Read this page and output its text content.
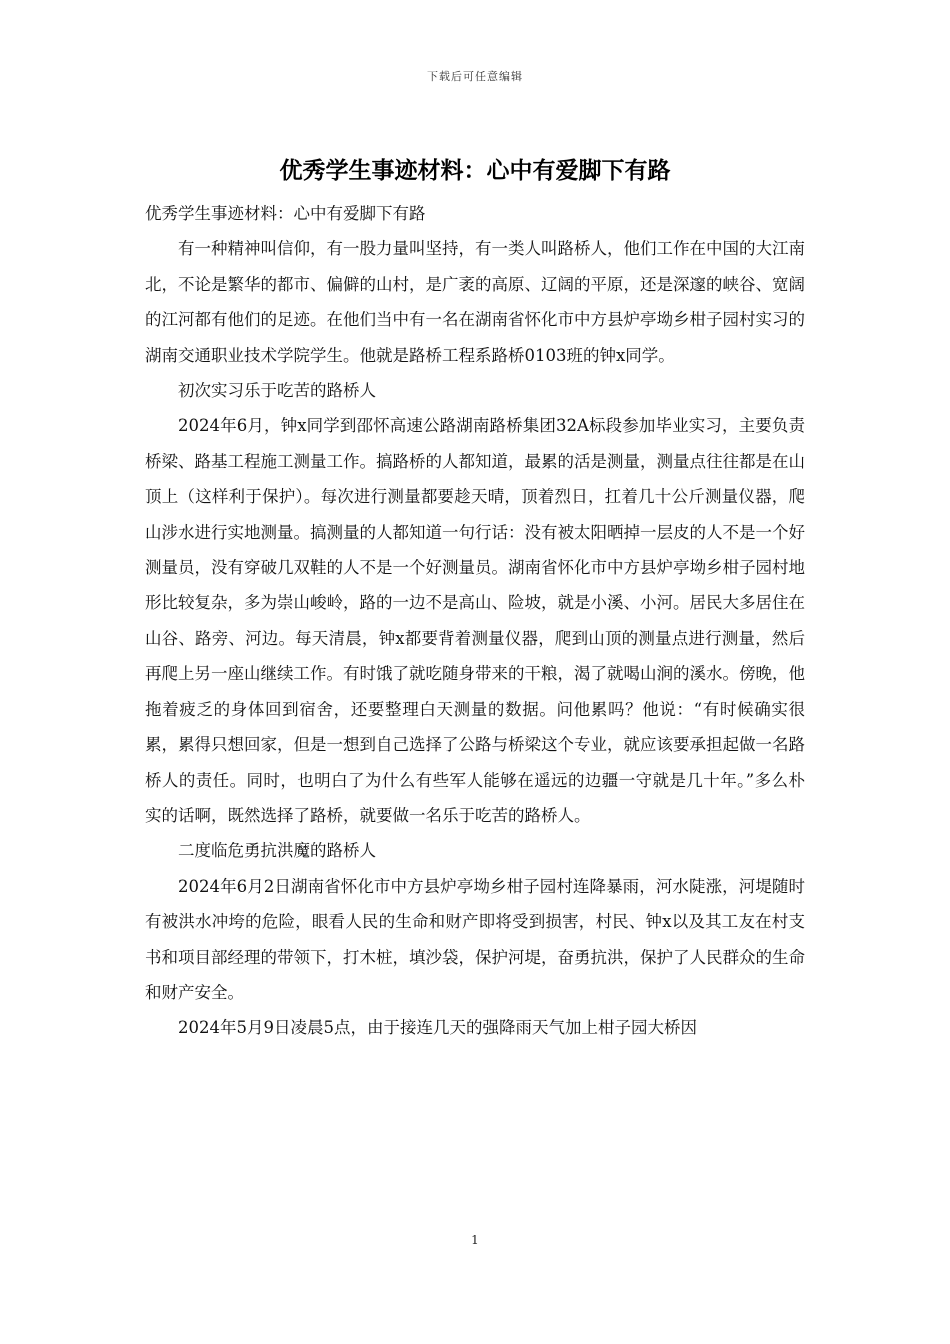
下载后可任意编辑
优秀学生事迹材料：心中有爱脚下有路

优秀学生事迹材料：心中有爱脚下有路

有一种精神叫信仰，有一股力量叫坚持，有一类人叫路桥人，他们工作在中国的大江南北，不论是繁华的都市、偏僻的山村，是广袤的高原、辽阔的平原，还是深邃的峡谷、宽阔的江河都有他们的足迹。在他们当中有一名在湖南省怀化市中方县炉亭坳乡柑子园村实习的湖南交通职业技术学院学生。他就是路桥工程系路桥0103班的钟x同学。

初次实习乐于吃苦的路桥人

2024年6月，钟x同学到邵怀高速公路湖南路桥集团32A标段参加毕业实习，主要负责桥梁、路基工程施工测量工作。搞路桥的人都知道，最累的活是测量，测量点往往都是在山顶上（这样利于保护）。每次进行测量都要趁天晴，顶着烈日，扛着几十公斤测量仪器，爬山涉水进行实地测量。搞测量的人都知道一句行话：没有被太阳晒掉一层皮的人不是一个好测量员，没有穿破几双鞋的人不是一个好测量员。湖南省怀化市中方县炉亭坳乡柑子园村地形比较复杂，多为崇山峻岭，路的一边不是高山、险坡，就是小溪、小河。居民大多居住在山谷、路旁、河边。每天清晨，钟x都要背着测量仪器，爬到山顶的测量点进行测量，然后再爬上另一座山继续工作。有时饿了就吃随身带来的干粮，渴了就喝山涧的溪水。傍晚，他拖着疲乏的身体回到宿舍，还要整理白天测量的数据。问他累吗？他说：“有时候确实很累，累得只想回家，但是一想到自己选择了公路与桥梁这个专业，就应该要承担起做一名路桥人的责任。同时，也明白了为什么有些军人能够在遥远的边疆一守就是几十年。”多么朴实的话啊，既然选择了路桥，就要做一名乐于吃苦的路桥人。

二度临危勇抗洪魔的路桥人

2024年6月2日湖南省怀化市中方县炉亭坳乡柑子园村连降暴雨，河水陡涨，河堤随时有被洪水冲垮的危险，眼看人民的生命和财产即将受到损害，村民、钟x以及其工友在村支书和项目部经理的带领下，打木桩，填沙袋，保护河堤，奋勇抗洪，保护了人民群众的生命和财产安全。

2024年5月9日凌晨5点，由于接连几天的强降雨天气加上柑子园大桥因

1
